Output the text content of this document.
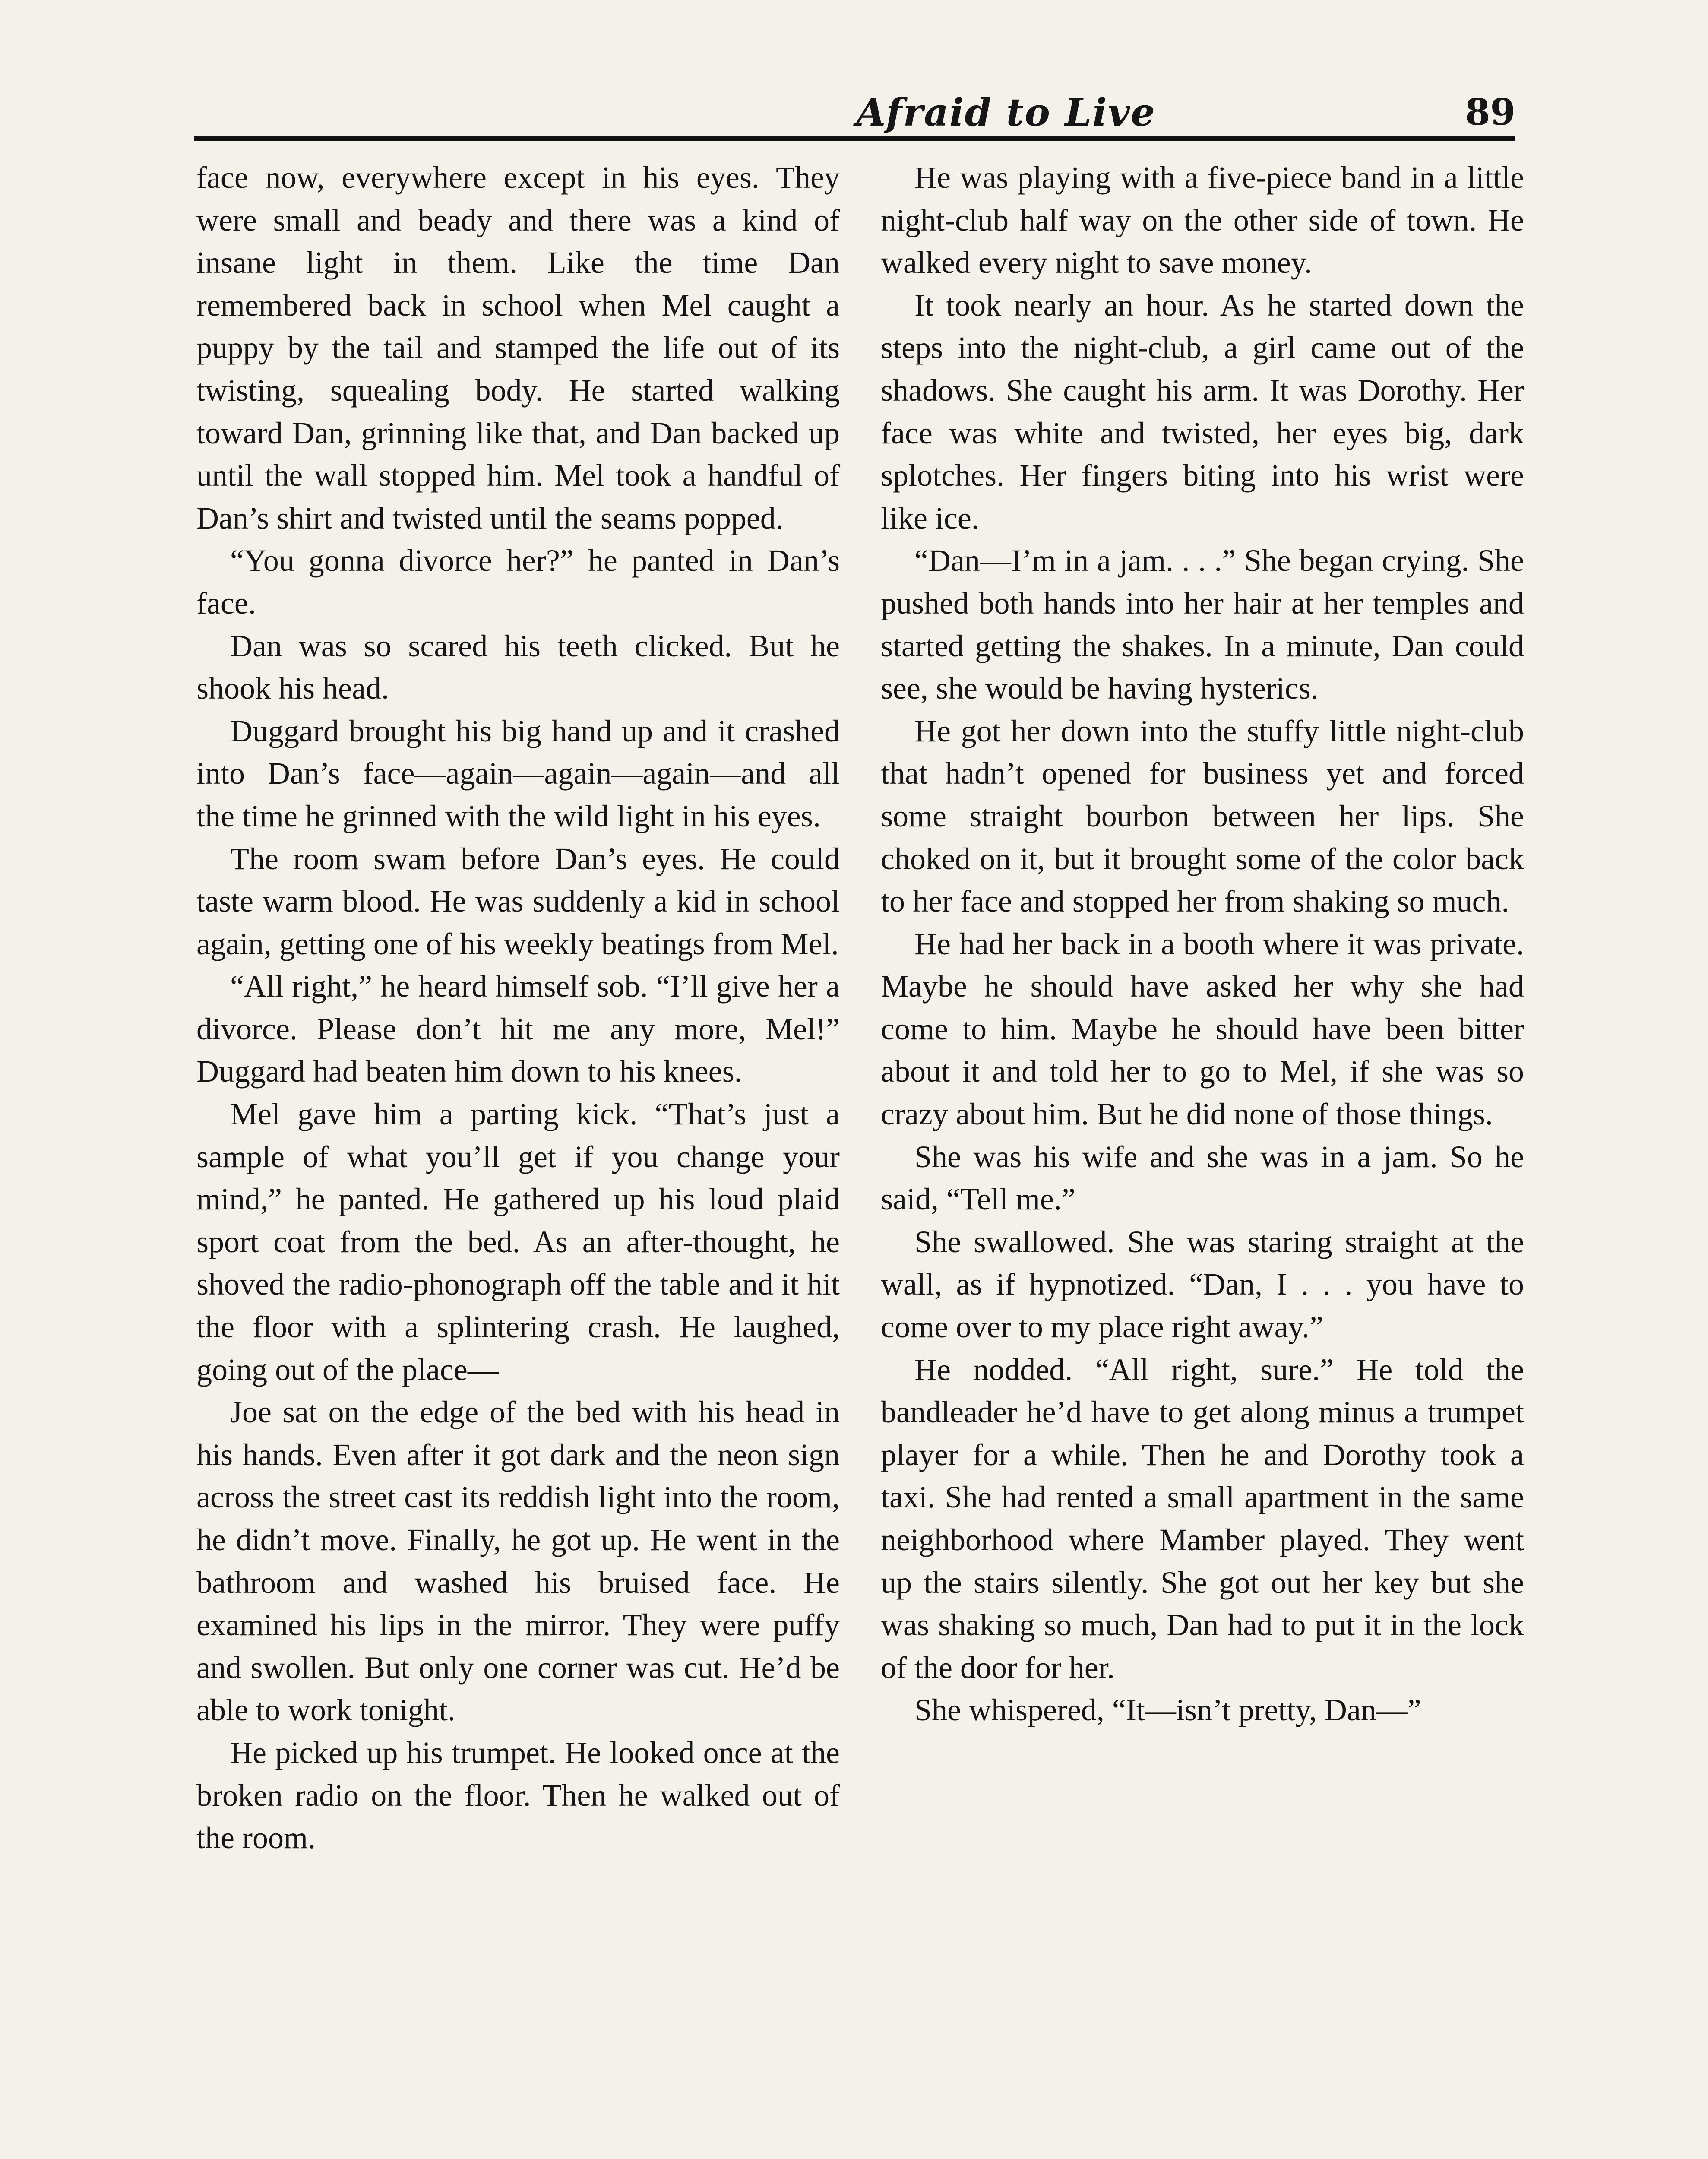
Afraid to Live	89

face now, everywhere except in his eyes. They were small and beady and there was a kind of insane light in them. Like the time Dan remembered back in school when Mel caught a puppy by the tail and stamped the life out of its twisting, squealing body. He started walking toward Dan, grinning like that, and Dan backed up until the wall stopped him. Mel took a handful of Dan’s shirt and twisted until the seams popped.

“You gonna divorce her?” he panted in Dan’s face.

Dan was so scared his teeth clicked. But he shook his head.

Duggard brought his big hand up and it crashed into Dan’s face—again—again—again—and all the time he grinned with the wild light in his eyes.

The room swam before Dan’s eyes. He could taste warm blood. He was suddenly a kid in school again, getting one of his weekly beatings from Mel.

“All right,” he heard himself sob. “I’ll give her a divorce. Please don’t hit me any more, Mel!” Duggard had beaten him down to his knees.

Mel gave him a parting kick. “That’s just a sample of what you’ll get if you change your mind,” he panted. He gathered up his loud plaid sport coat from the bed. As an after-thought, he shoved the radio-phonograph off the table and it hit the floor with a splintering crash. He laughed, going out of the place—

Joe sat on the edge of the bed with his head in his hands. Even after it got dark and the neon sign across the street cast its reddish light into the room, he didn’t move. Finally, he got up. He went in the bathroom and washed his bruised face. He examined his lips in the mirror. They were puffy and swollen. But only one corner was cut. He’d be able to work tonight.

He picked up his trumpet. He looked once at the broken radio on the floor. Then he walked out of the room.

He was playing with a five-piece band in a little night-club half way on the other side of town. He walked every night to save money.

It took nearly an hour. As he started down the steps into the night-club, a girl came out of the shadows. She caught his arm. It was Dorothy. Her face was white and twisted, her eyes big, dark splotches. Her fingers biting into his wrist were like ice.

“Dan—I’m in a jam. . . .” She began crying. She pushed both hands into her hair at her temples and started getting the shakes. In a minute, Dan could see, she would be having hysterics.

He got her down into the stuffy little night-club that hadn’t opened for business yet and forced some straight bourbon between her lips. She choked on it, but it brought some of the color back to her face and stopped her from shaking so much.

He had her back in a booth where it was private. Maybe he should have asked her why she had come to him. Maybe he should have been bitter about it and told her to go to Mel, if she was so crazy about him. But he did none of those things.

She was his wife and she was in a jam. So he said, “Tell me.”

She swallowed. She was staring straight at the wall, as if hypnotized. “Dan, I . . . you have to come over to my place right away.”

He nodded. “All right, sure.” He told the bandleader he’d have to get along minus a trumpet player for a while. Then he and Dorothy took a taxi. She had rented a small apartment in the same neighborhood where Mamber played. They went up the stairs silently. She got out her key but she was shaking so much, Dan had to put it in the lock of the door for her.

She whispered, “It—isn’t pretty, Dan—”
